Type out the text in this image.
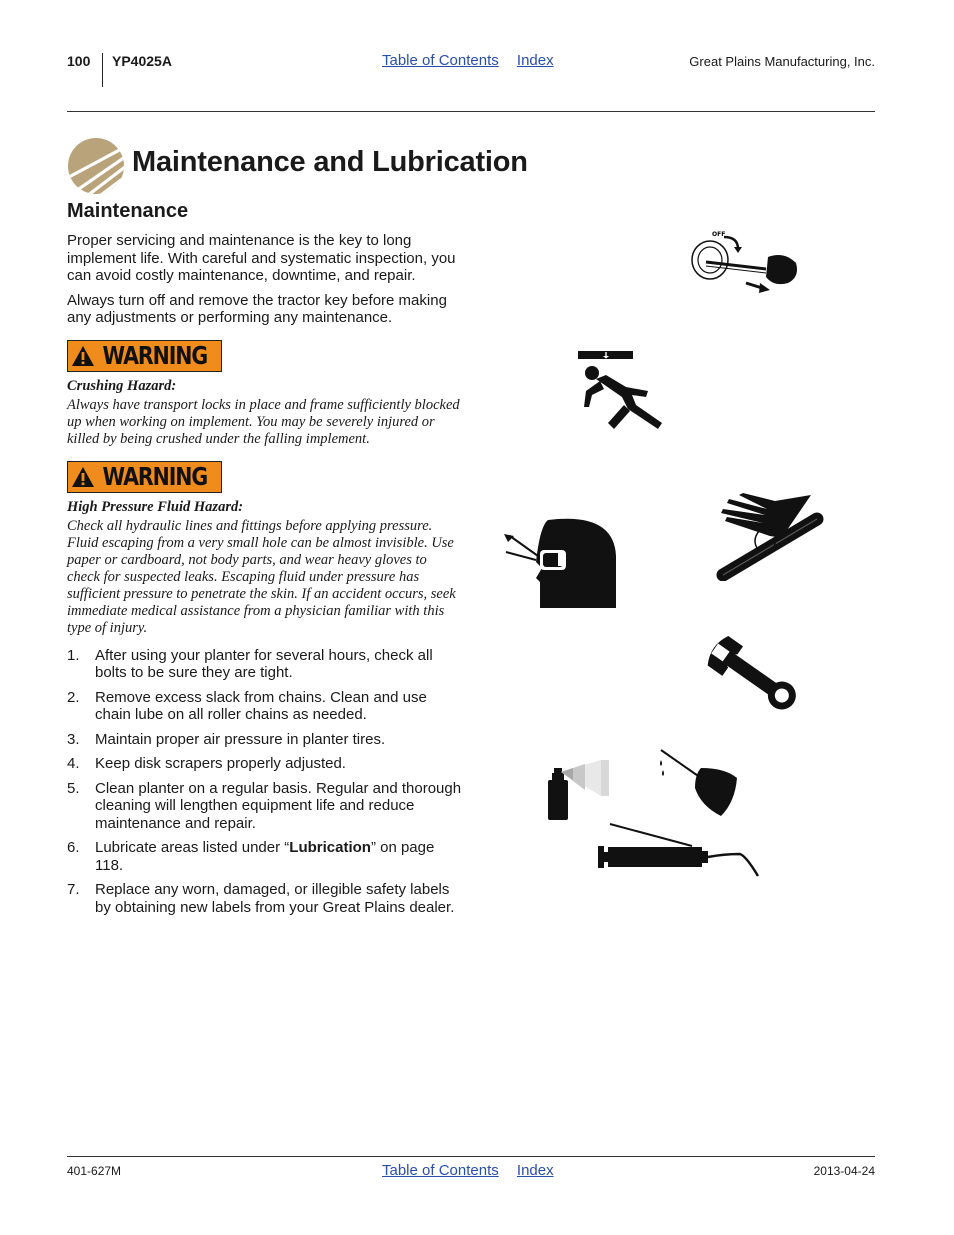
100 YP4025A	Table of Contents Index	Great Plains Manufacturing, Inc.
Maintenance and Lubrication
Maintenance

Proper servicing and maintenance is the key to long implement life. With careful and systematic inspection, you can avoid costly maintenance, downtime, and repair.

Always turn off and remove the tractor key before making any adjustments or performing any maintenance.

WARNING
Crushing Hazard:

Always have transport locks in place and frame sufficiently blocked up when working on implement. You may be severely injured or killed by being crushed under the falling implement.

WARNING
High Pressure Fluid Hazard:

Check all hydraulic lines and fittings before applying pressure. Fluid escaping from a very small hole can be almost invisible. Use paper or cardboard, not body parts, and wear heavy gloves to check for suspected leaks. Escaping fluid under pressure has sufficient pressure to penetrate the skin. If an accident occurs, seek immediate medical assistance from a physician familiar with this type of injury.

1. After using your planter for several hours, check all bolts to be sure they are tight.
2. Remove excess slack from chains. Clean and use chain lube on all roller chains as needed.
3. Maintain proper air pressure in planter tires.
4. Keep disk scrapers properly adjusted.
5. Clean planter on a regular basis. Regular and thorough cleaning will lengthen equipment life and reduce maintenance and repair.
6. Lubricate areas listed under “Lubrication” on page 118.
7. Replace any worn, damaged, or illegible safety labels by obtaining new labels from your Great Plains dealer.
OFF
401-627M	Table of Contents Index	2013-04-24
